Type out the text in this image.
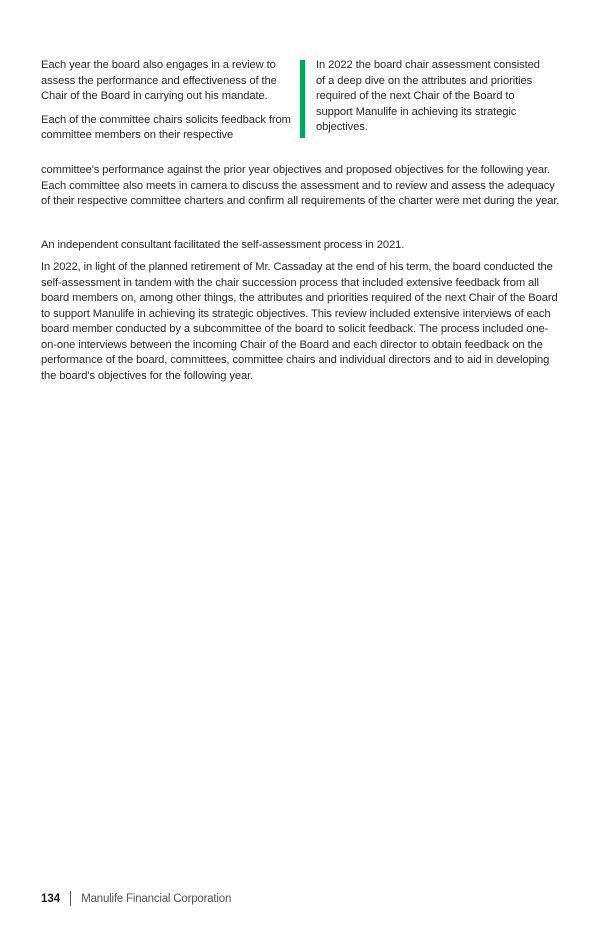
Each year the board also engages in a review to assess the performance and effectiveness of the Chair of the Board in carrying out his mandate.

Each of the committee chairs solicits feedback from committee members on their respective

In 2022 the board chair assessment consisted of a deep dive on the attributes and priorities required of the next Chair of the Board to support Manulife in achieving its strategic objectives.

committee's performance against the prior year objectives and proposed objectives for the following year. Each committee also meets in camera to discuss the assessment and to review and assess the adequacy of their respective committee charters and confirm all requirements of the charter were met during the year.

An independent consultant facilitated the self-assessment process in 2021.

In 2022, in light of the planned retirement of Mr. Cassaday at the end of his term, the board conducted the self-assessment in tandem with the chair succession process that included extensive feedback from all board members on, among other things, the attributes and priorities required of the next Chair of the Board to support Manulife in achieving its strategic objectives. This review included extensive interviews of each board member conducted by a subcommittee of the board to solicit feedback. The process included one-on-one interviews between the incoming Chair of the Board and each director to obtain feedback on the performance of the board, committees, committee chairs and individual directors and to aid in developing the board's objectives for the following year.

134 Manulife Financial Corporation
